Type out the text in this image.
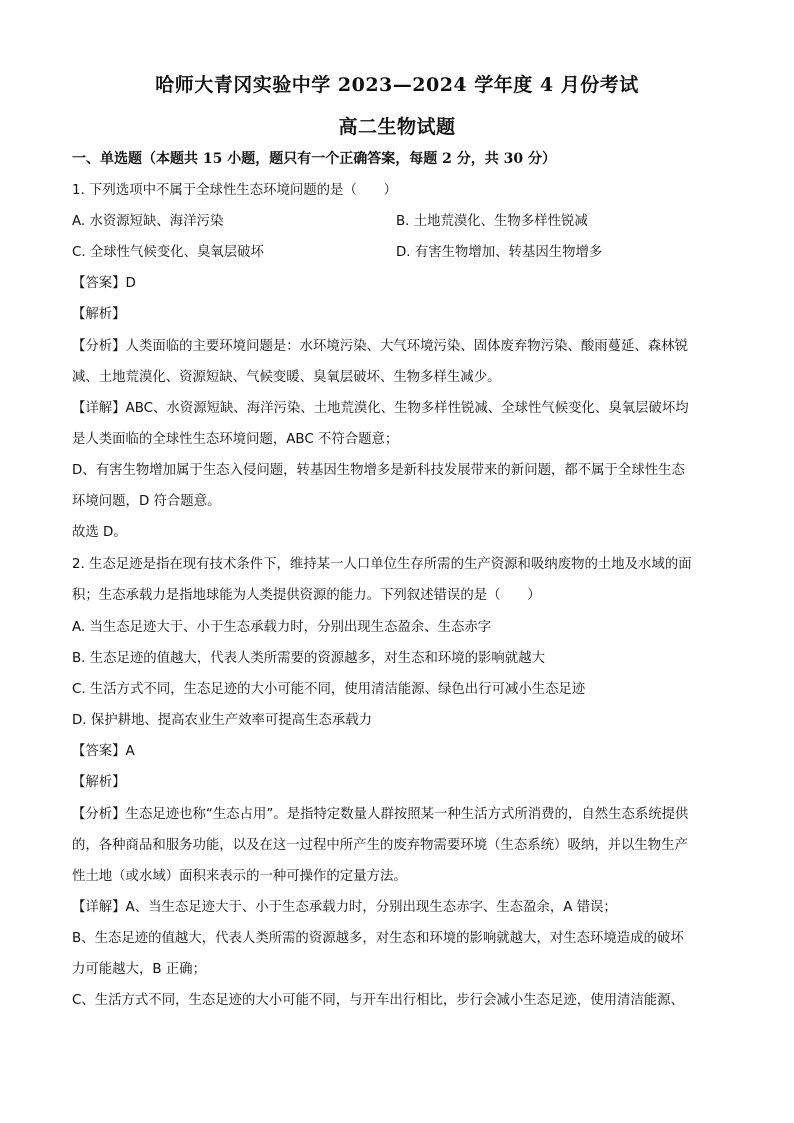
哈师大青冈实验中学 2023—2024 学年度 4 月份考试
高二生物试题
一、单选题（本题共 15 小题，题只有一个正确答案，每题 2 分，共 30 分）
1. 下列选项中不属于全球性生态环境问题的是（　　）
A. 水资源短缺、海洋污染	B. 土地荒漠化、生物多样性锐减
C. 全球性气候变化、臭氧层破坏	D. 有害生物增加、转基因生物增多
【答案】D
【解析】
【分析】人类面临的主要环境问题是：水环境污染、大气环境污染、固体废弃物污染、酸雨蔓延、森林锐
减、土地荒漠化、资源短缺、气候变暖、臭氧层破坏、生物多样生减少。
【详解】ABC、水资源短缺、海洋污染、土地荒漠化、生物多样性锐减、全球性气候变化、臭氧层破坏均
是人类面临的全球性生态环境问题，ABC 不符合题意；
D、有害生物增加属于生态入侵问题，转基因生物增多是新科技发展带来的新问题，都不属于全球性生态
环境问题，D 符合题意。
故选 D。
2. 生态足迹是指在现有技术条件下，维持某一人口单位生存所需的生产资源和吸纳废物的土地及水域的面
积；生态承载力是指地球能为人类提供资源的能力。下列叙述错误的是（　　）
A. 当生态足迹大于、小于生态承载力时，分别出现生态盈余、生态赤字
B. 生态足迹的值越大，代表人类所需要的资源越多，对生态和环境的影响就越大
C. 生活方式不同，生态足迹的大小可能不同，使用清洁能源、绿色出行可减小生态足迹
D. 保护耕地、提高农业生产效率可提高生态承载力
【答案】A
【解析】
【分析】生态足迹也称“生态占用”。是指特定数量人群按照某一种生活方式所消费的，自然生态系统提供
的，各种商品和服务功能，以及在这一过程中所产生的废弃物需要环境（生态系统）吸纳，并以生物生产
性土地（或水域）面积来表示的一种可操作的定量方法。
【详解】A、当生态足迹大于、小于生态承载力时，分别出现生态赤字、生态盈余，A 错误；
B、生态足迹的值越大，代表人类所需的资源越多，对生态和环境的影响就越大，对生态环境造成的破坏
力可能越大，B 正确；
C、生活方式不同，生态足迹的大小可能不同，与开车出行相比，步行会减小生态足迹，使用清洁能源、
